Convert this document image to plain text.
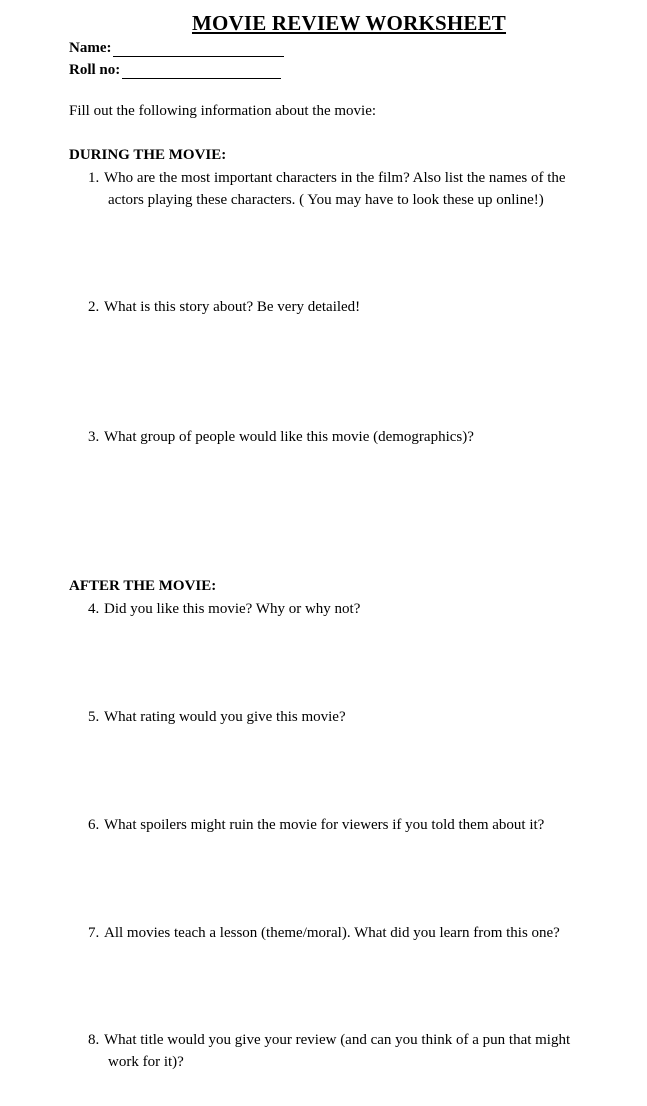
MOVIE REVIEW WORKSHEET
Name:
Roll no:
Fill out the following information about the movie:
DURING THE MOVIE:
1. Who are the most important characters in the film? Also list the names of the
actors playing these characters. ( You may have to look these up online!)
2. What is this story about? Be very detailed!
3. What group of people would like this movie (demographics)?
AFTER THE MOVIE:
4. Did you like this movie? Why or why not?
5. What rating would you give this movie?
6. What spoilers might ruin the movie for viewers if you told them about it?
7. All movies teach a lesson (theme/moral). What did you learn from this one?
8. What title would you give your review (and can you think of a pun that might
work for it)?
